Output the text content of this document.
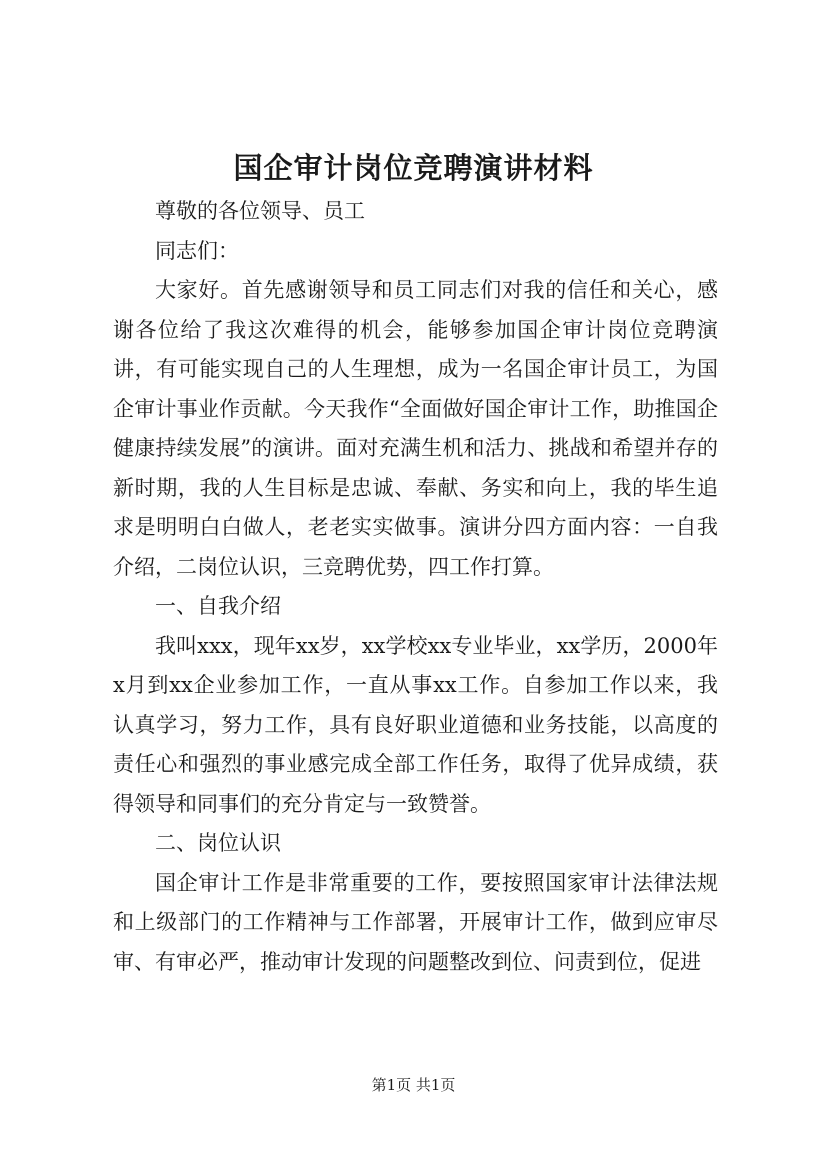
国企审计岗位竞聘演讲材料

尊敬的各位领导、员工

同志们：

大家好。首先感谢领导和员工同志们对我的信任和关心，感谢各位给了我这次难得的机会，能够参加国企审计岗位竞聘演讲，有可能实现自己的人生理想，成为一名国企审计员工，为国企审计事业作贡献。今天我作“全面做好国企审计工作，助推国企健康持续发展”的演讲。面对充满生机和活力、挑战和希望并存的新时期，我的人生目标是忠诚、奉献、务实和向上，我的毕生追求是明明白白做人，老老实实做事。演讲分四方面内容：一自我介绍，二岗位认识，三竞聘优势，四工作打算。

一、自我介绍

我叫xxx，现年xx岁，xx学校xx专业毕业，xx学历，2000年x月到xx企业参加工作，一直从事xx工作。自参加工作以来，我认真学习，努力工作，具有良好职业道德和业务技能，以高度的责任心和强烈的事业感完成全部工作任务，取得了优异成绩，获得领导和同事们的充分肯定与一致赞誉。

二、岗位认识

国企审计工作是非常重要的工作，要按照国家审计法律法规和上级部门的工作精神与工作部署，开展审计工作，做到应审尽审、有审必严，推动审计发现的问题整改到位、问责到位，促进

第1页 共1页
